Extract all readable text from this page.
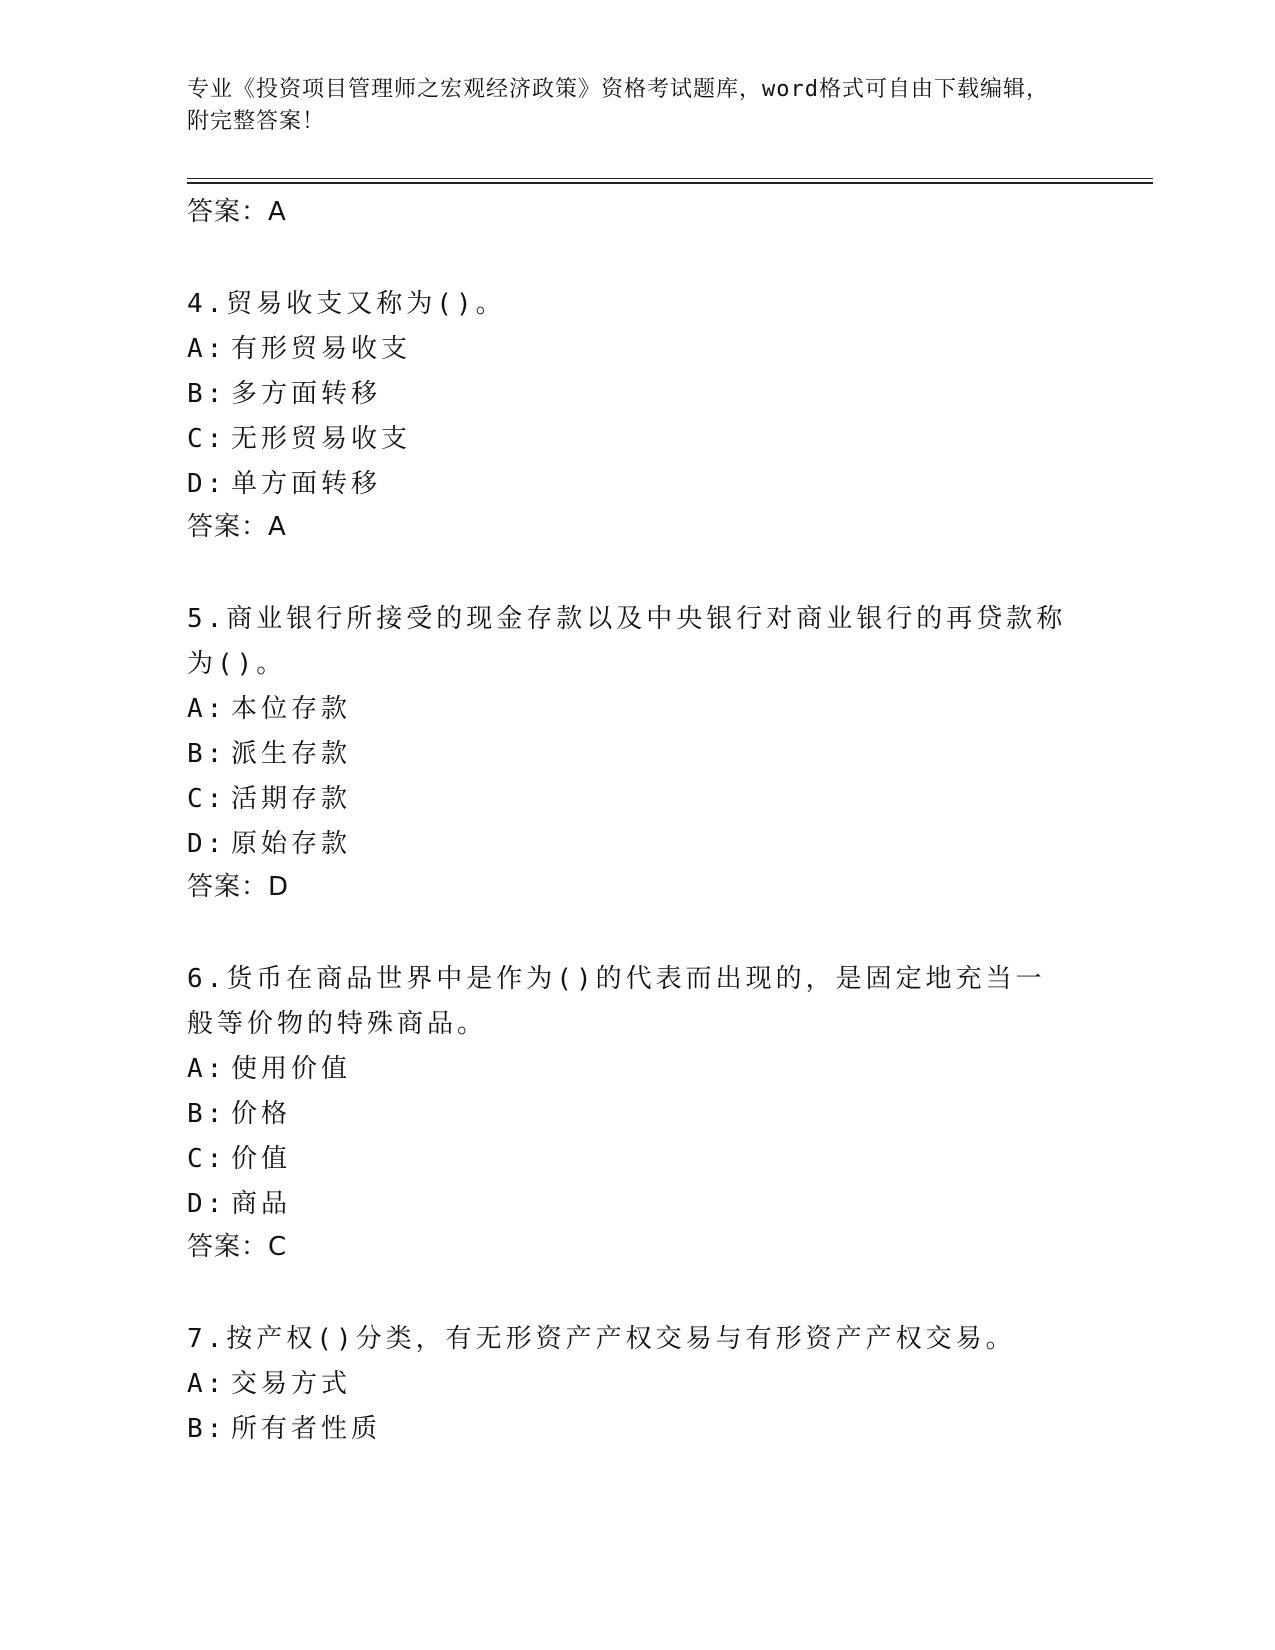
专业《投资项目管理师之宏观经济政策》资格考试题库，word格式可自由下载编辑，附完整答案！
答案：A
4.贸易收支又称为()。
A: 有形贸易收支
B: 多方面转移
C: 无形贸易收支
D: 单方面转移
答案：A
5.商业银行所接受的现金存款以及中央银行对商业银行的再贷款称为()。
A: 本位存款
B: 派生存款
C: 活期存款
D: 原始存款
答案：D
6.货币在商品世界中是作为()的代表而出现的，是固定地充当一般等价物的特殊商品。
A: 使用价值
B: 价格
C: 价值
D: 商品
答案：C
7.按产权()分类，有无形资产产权交易与有形资产产权交易。
A: 交易方式
B: 所有者性质
